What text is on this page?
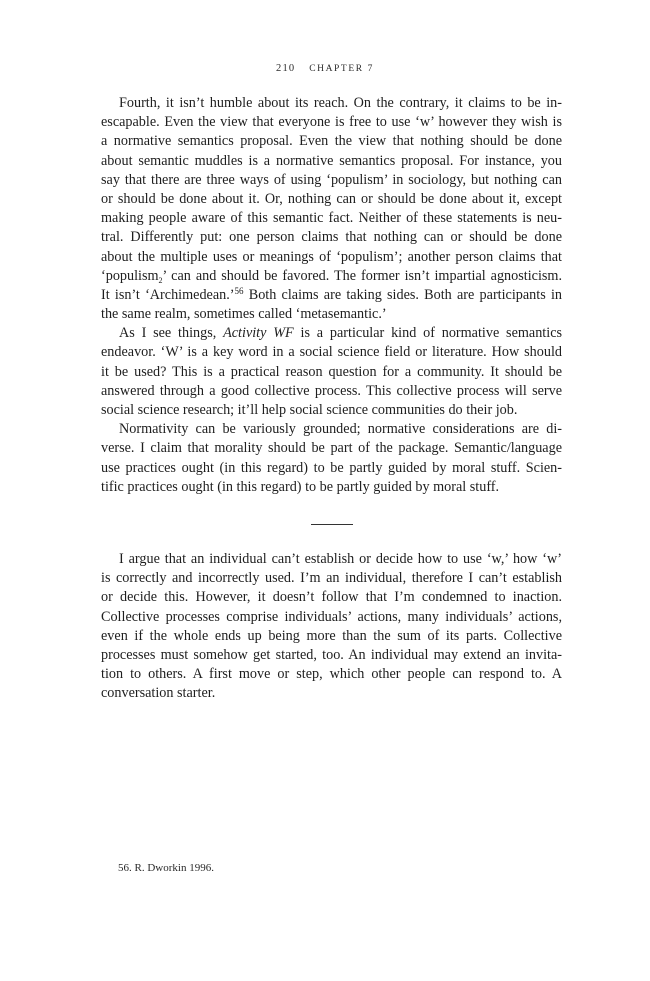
210 CHAPTER 7
Fourth, it isn’t humble about its reach. On the contrary, it claims to be in-
escapable. Even the view that everyone is free to use ‘w’ however they wish is
a normative semantics proposal. Even the view that nothing should be done
about semantic muddles is a normative semantics proposal. For instance, you
say that there are three ways of using ‘populism’ in sociology, but nothing can
or should be done about it. Or, nothing can or should be done about it, except
making people aware of this semantic fact. Neither of these statements is neu-
tral. Differently put: one person claims that nothing can or should be done
about the multiple uses or meanings of ‘populism’; another person claims that
‘populism$_2$’ can and should be favored. The former isn’t impartial agnosticism.
It isn’t ‘Archimedean.’$^{56}$ Both claims are taking sides. Both are participants in
the same realm, sometimes called ‘metasemantic.’
As I see things, Activity WF is a particular kind of normative semantics
endeavor. ‘W’ is a key word in a social science field or literature. How should
it be used? This is a practical reason question for a community. It should be
answered through a good collective process. This collective process will serve
social science research; it’ll help social science communities do their job.
Normativity can be variously grounded; normative considerations are di-
verse. I claim that morality should be part of the package. Semantic/language
use practices ought (in this regard) to be partly guided by moral stuff. Scien-
tific practices ought (in this regard) to be partly guided by moral stuff.
I argue that an individual can’t establish or decide how to use ‘w,’ how ‘w’
is correctly and incorrectly used. I’m an individual, therefore I can’t establish
or decide this. However, it doesn’t follow that I’m condemned to inaction.
Collective processes comprise individuals’ actions, many individuals’ actions,
even if the whole ends up being more than the sum of its parts. Collective
processes must somehow get started, too. An individual may extend an invita-
tion to others. A first move or step, which other people can respond to. A
conversation starter.
56. R. Dworkin 1996.
